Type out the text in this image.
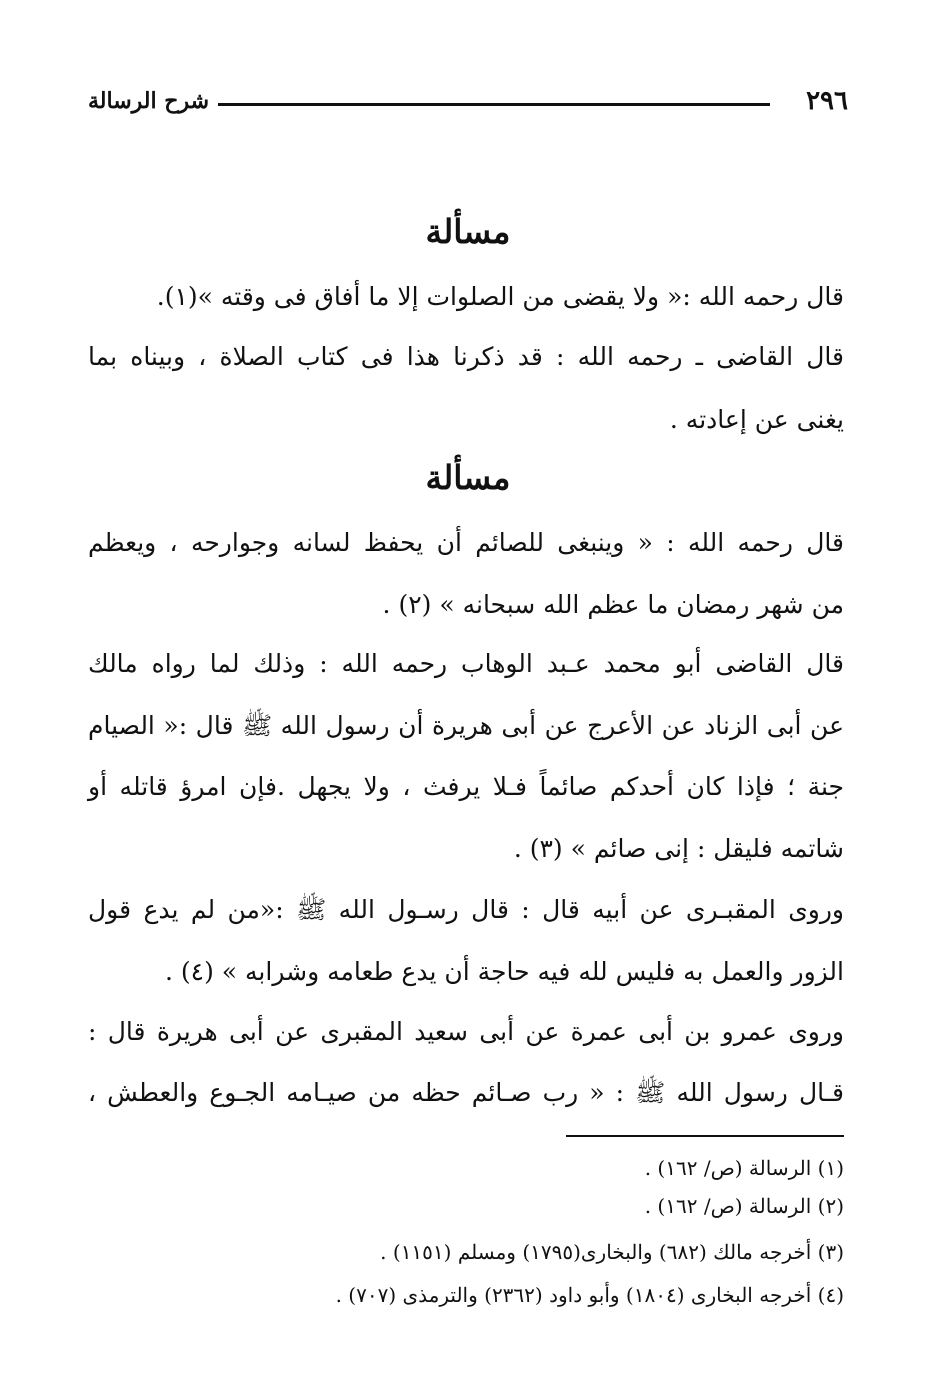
٢٩٦
شرح الرسالة
مسألة
قال رحمه الله :« ولا يقضى من الصلوات إلا ما أفاق فى وقته »(١).
قال القاضى ـ رحمه الله : قد ذكرنا هذا فى كتاب الصلاة ، وبيناه بما
يغنى عن إعادته .
مسألة
قال رحمه الله : « وينبغى للصائم أن يحفظ لسانه وجوارحه ، ويعظم
من شهر رمضان ما عظم الله سبحانه » (٢) .
قال القاضى أبو محمد عـبد الوهاب رحمه الله : وذلك لما رواه مالك
عن أبى الزناد عن الأعرج عن أبى هريرة أن رسول الله ﷺ قال :« الصيام
جنة ؛ فإذا كان أحدكم صائماً فـلا يرفث ، ولا يجهل .فإن امرؤ قاتله أو
شاتمه فليقل : إنى صائم » (٣) .
وروى المقبـرى عن أبيه قال : قال رسـول الله ﷺ :«من لم يدع قول
الزور والعمل به فليس لله فيه حاجة أن يدع طعامه وشرابه » (٤) .
وروى عمرو بن أبى عمرة عن أبى سعيد المقبرى عن أبى هريرة قال :
قـال رسول الله ﷺ : « رب صـائم حظه من صيـامه الجـوع والعطش ،
(١) الرسالة (ص/ ١٦٢) .
(٢) الرسالة (ص/ ١٦٢) .
(٣) أخرجه مالك (٦٨٢) والبخارى(١٧٩٥) ومسلم (١١٥١) .
(٤) أخرجه البخارى (١٨٠٤) وأبو داود (٢٣٦٢) والترمذى (٧٠٧) .
